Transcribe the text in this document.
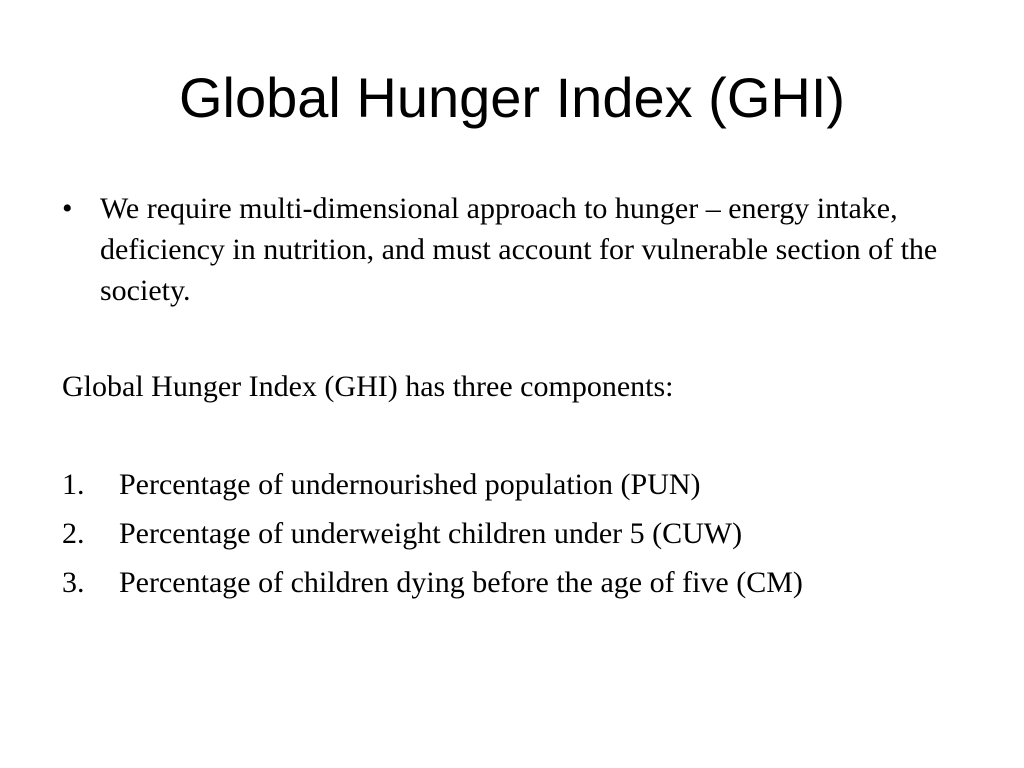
Global Hunger Index (GHI)
• We require multi-dimensional approach to hunger – energy intake, deficiency in nutrition, and must account for vulnerable section of the society.
Global Hunger Index (GHI) has three components:
1. Percentage of undernourished population (PUN)
2. Percentage of underweight children under 5 (CUW)
3. Percentage of children dying before the age of five (CM)
